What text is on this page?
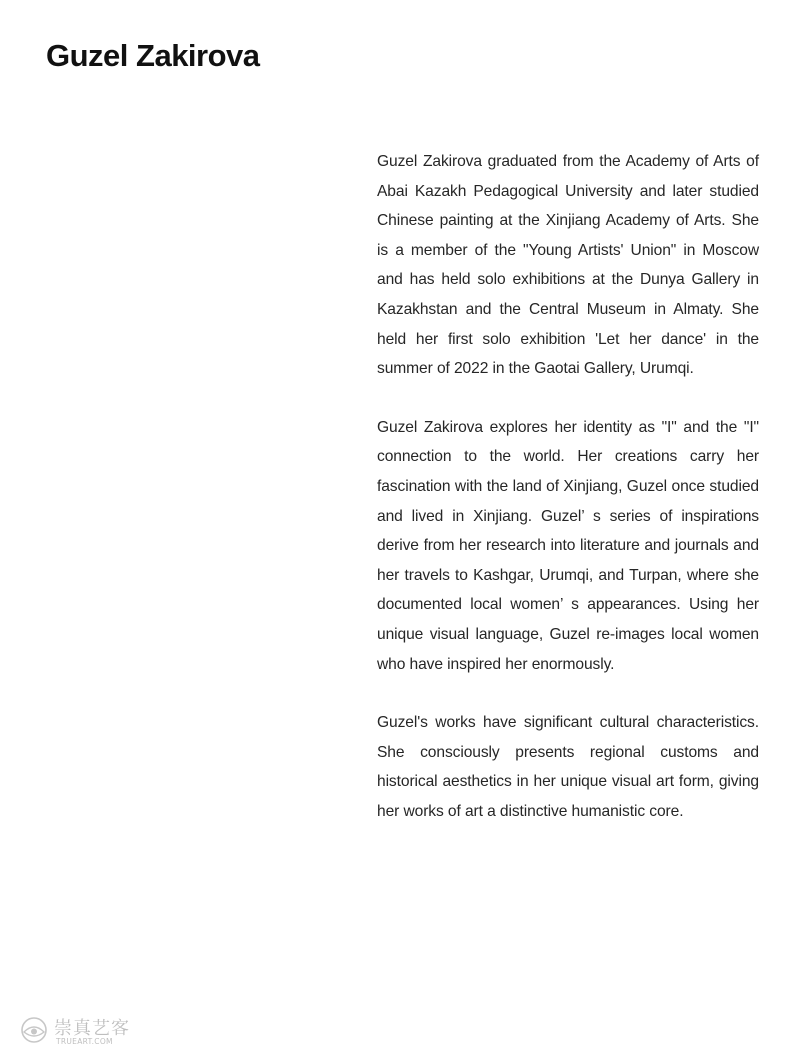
Guzel Zakirova

Guzel Zakirova graduated from the Academy of Arts of Abai Kazakh Pedagogical University and later studied Chinese painting at the Xinjiang Academy of Arts. She is a member of the "Young Artists' Union" in Moscow and has held solo exhibitions at the Dunya Gallery in Kazakhstan and the Central Museum in Almaty. She held her first solo exhibition 'Let her dance' in the summer of 2022 in the Gaotai Gallery, Urumqi.

Guzel Zakirova explores her identity as "I" and the "I" connection to the world. Her creations carry her fascination with the land of Xinjiang, Guzel once studied and lived in Xinjiang. Guzel’ s series of inspirations derive from her research into literature and journals and her travels to Kashgar, Urumqi, and Turpan, where she documented local women’ s appearances. Using her unique visual language, Guzel re-images local women who have inspired her enormously.

Guzel's works have significant cultural characteristics. She consciously presents regional customs and historical aesthetics in her unique visual art form, giving her works of art a distinctive humanistic core.

崇真艺客
TRUEART.COM
